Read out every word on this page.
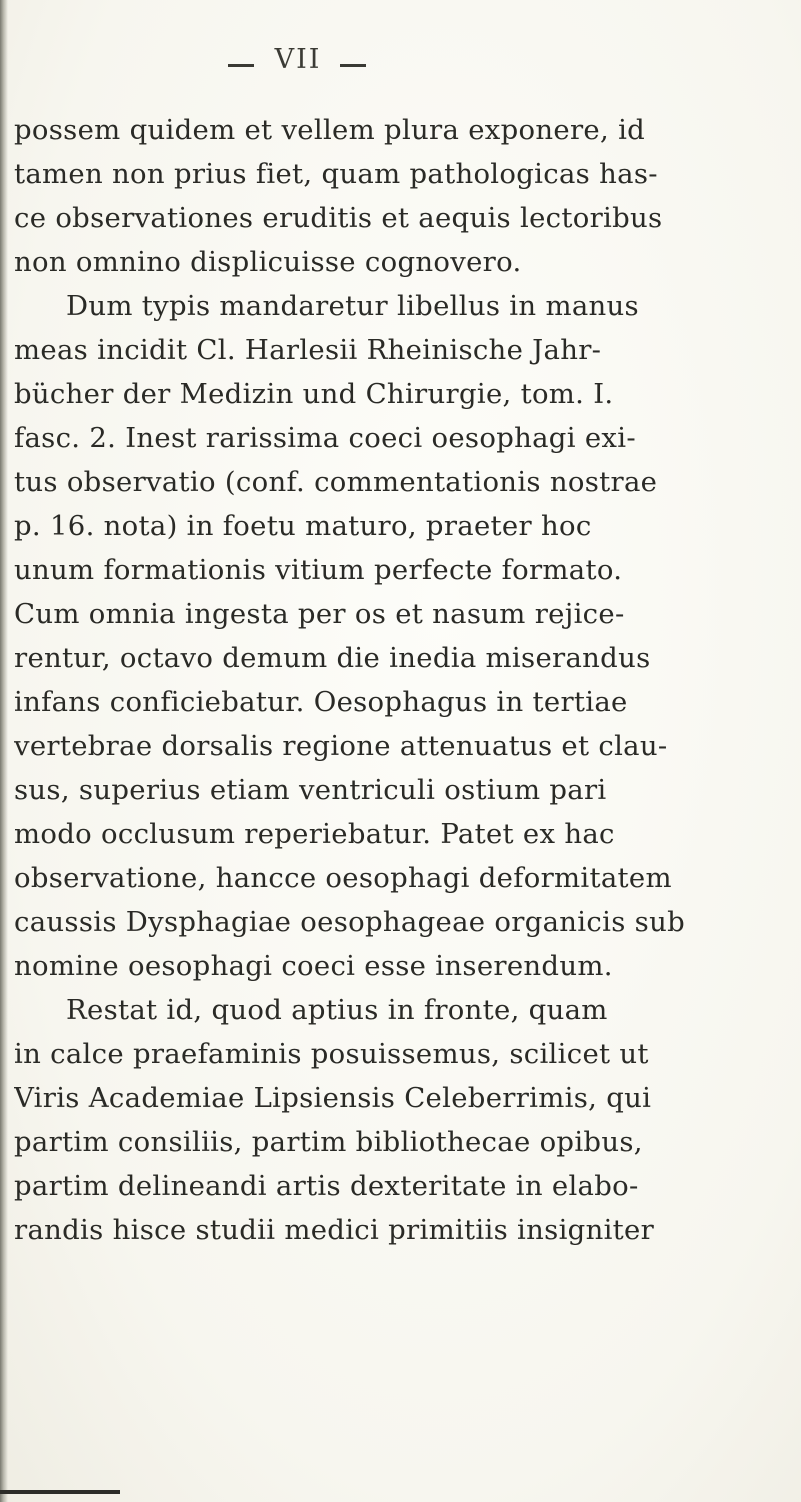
VII
possem quidem et vellem plura exponere, id
tamen non prius fiet, quam pathologicas has-
ce observationes eruditis et aequis lectoribus
non omnino displicuisse cognovero.
Dum typis mandaretur libellus in manus
meas incidit Cl. Harlesii Rheinische Jahr-
bücher der Medizin und Chirurgie, tom. I.
fasc. 2. Inest rarissima coeci oesophagi exi-
tus observatio (conf. commentationis nostrae
p. 16. nota) in foetu maturo, praeter hoc
unum formationis vitium perfecte formato.
Cum omnia ingesta per os et nasum rejice-
rentur, octavo demum die inedia miserandus
infans conficiebatur. Oesophagus in tertiae
vertebrae dorsalis regione attenuatus et clau-
sus, superius etiam ventriculi ostium pari
modo occlusum reperiebatur. Patet ex hac
observatione, hancce oesophagi deformitatem
caussis Dysphagiae oesophageae organicis sub
nomine oesophagi coeci esse inserendum.
Restat id, quod aptius in fronte, quam
in calce praefaminis posuissemus, scilicet ut
Viris Academiae Lipsiensis Celeberrimis, qui
partim consiliis, partim bibliothecae opibus,
partim delineandi artis dexteritate in elabo-
randis hisce studii medici primitiis insigniter
